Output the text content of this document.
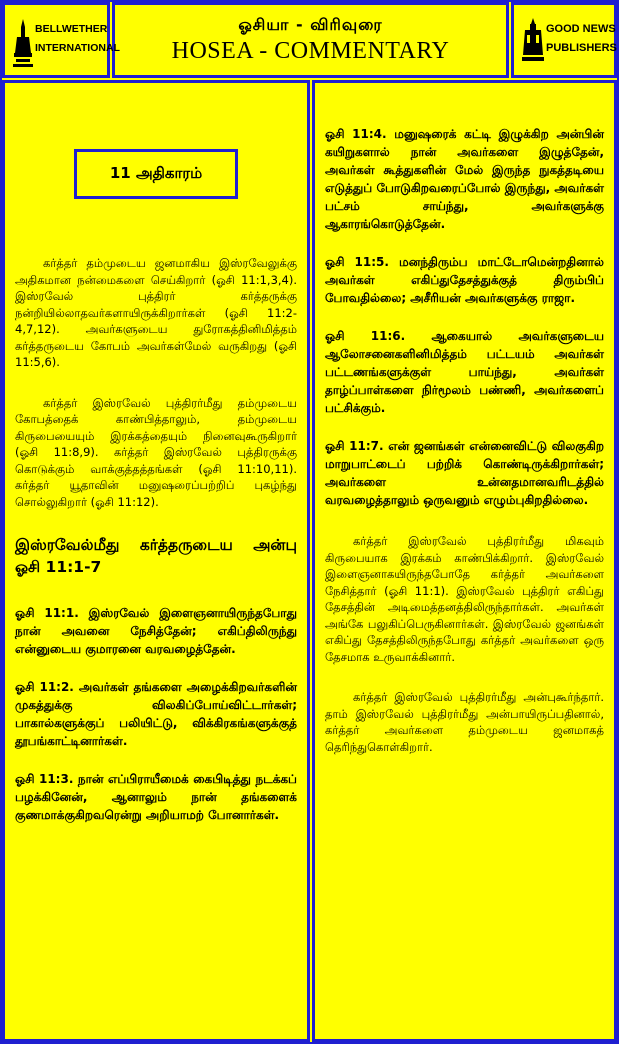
BELLWETHER
INTERNATIONAL
ஓசியா - விரிவுரை
HOSEA - COMMENTARY
GOOD NEWS
PUBLISHERS
11 அதிகாரம்

கர்த்தர் தம்முடைய ஜனமாகிய இஸ்ரவேலுக்கு அதிகமான நன்மைகளை செய்கிறார் (ஓசி 11:1,3,4). இஸ்ரவேல் புத்திரர் கர்த்தருக்கு நன்றியில்லாதவர்களாயிருக்கிறார்கள் (ஓசி 11:2-4,7,12). அவர்களுடைய துரோகத்தினிமித்தம் கர்த்தருடைய கோபம் அவர்கள்மேல் வருகிறது (ஓசி 11:5,6).

கர்த்தர் இஸ்ரவேல் புத்திரர்மீது தம்முடைய கோபத்தைக் காண்பித்தாலும், தம்முடைய கிருபையையும் இரக்கத்தையும் நினைவுகூருகிறார் (ஓசி 11:8,9). கர்த்தர் இஸ்ரவேல் புத்திரருக்கு கொடுக்கும் வாக்குத்தத்தங்கள் (ஓசி 11:10,11). கர்த்தர் யூதாவின் மனுஷரைப்பற்றிப் புகழ்ந்து சொல்லுகிறார் (ஓசி 11:12).

இஸ்ரவேல்மீது கர்த்தருடைய அன்பு ஓசி 11:1-7

ஓசி 11:1. இஸ்ரவேல் இளைஞனாயிருந்தபோது நான் அவனை நேசித்தேன்; எகிப்திலிருந்து என்னுடைய குமாரனை வரவழைத்தேன்.

ஓசி 11:2. அவர்கள் தங்களை அழைக்கிறவர்களின் முகத்துக்கு விலகிப்போய்விட்டார்கள்; பாகால்களுக்குப் பலியிட்டு, விக்கிரகங்களுக்குத் தூபங்காட்டினார்கள்.

ஓசி 11:3. நான் எப்பிராயீமைக் கைபிடித்து நடக்கப் பழக்கினேன், ஆனாலும் நான் தங்களைக் குணமாக்குகிறவரென்று அறியாமற் போனார்கள்.

ஓசி 11:4. மனுஷரைக் கட்டி இழுக்கிற அன்பின் கயிறுகளால் நான் அவர்களை இழுத்தேன், அவர்கள் கூத்துகளின் மேல் இருந்த நுகத்தடியை எடுத்துப் போடுகிறவரைப்போல் இருந்து, அவர்கள் பட்சம் சாய்ந்து, அவர்களுக்கு ஆகாரங்கொடுத்தேன்.

ஓசி 11:5. மனந்திரும்ப மாட்டோமென்றதினால் அவர்கள் எகிப்துதேசத்துக்குத் திரும்பிப் போவதில்லை; அசீரியன் அவர்களுக்கு ராஜா.

ஓசி 11:6. ஆகையால் அவர்களுடைய ஆலோசனைகளினிமித்தம் பட்டயம் அவர்கள் பட்டணங்களுக்குள் பாய்ந்து, அவர்கள் தாழ்ப்பாள்களை நிர்மூலம் பண்ணி, அவர்களைப் பட்சிக்கும்.

ஓசி 11:7. என் ஜனங்கள் என்னைவிட்டு விலகுகிற மாறுபாட்டைப் பற்றிக் கொண்டிருக்கிறார்கள்; அவர்களை உன்னதமானவரிடத்தில் வரவழைத்தாலும் ஒருவனும் எழும்புகிறதில்லை.

கர்த்தர் இஸ்ரவேல் புத்திரர்மீது மிகவும் கிருபையாக இரக்கம் காண்பிக்கிறார். இஸ்ரவேல் இளைஞனாகயிருந்தபோதே கர்த்தர் அவர்களை நேசித்தார் (ஓசி 11:1). இஸ்ரவேல் புத்திரர் எகிப்து தேசத்தின் அடிமைத்தனத்திலிருந்தார்கள். அவர்கள் அங்கே பலுகிப்பெருகினார்கள். இஸ்ரவேல் ஜனங்கள் எகிப்து தேசத்திலிருந்தபோது கர்த்தர் அவர்களை ஒரு தேசமாக உருவாக்கினார்.

கர்த்தர் இஸ்ரவேல் புத்திரர்மீது அன்புகூர்ந்தார். தாம் இஸ்ரவேல் புத்திரர்மீது அன்பாயிருப்பதினால், கர்த்தர் அவர்களை தம்முடைய ஜனமாகத் தெரிந்துகொள்கிறார்.
